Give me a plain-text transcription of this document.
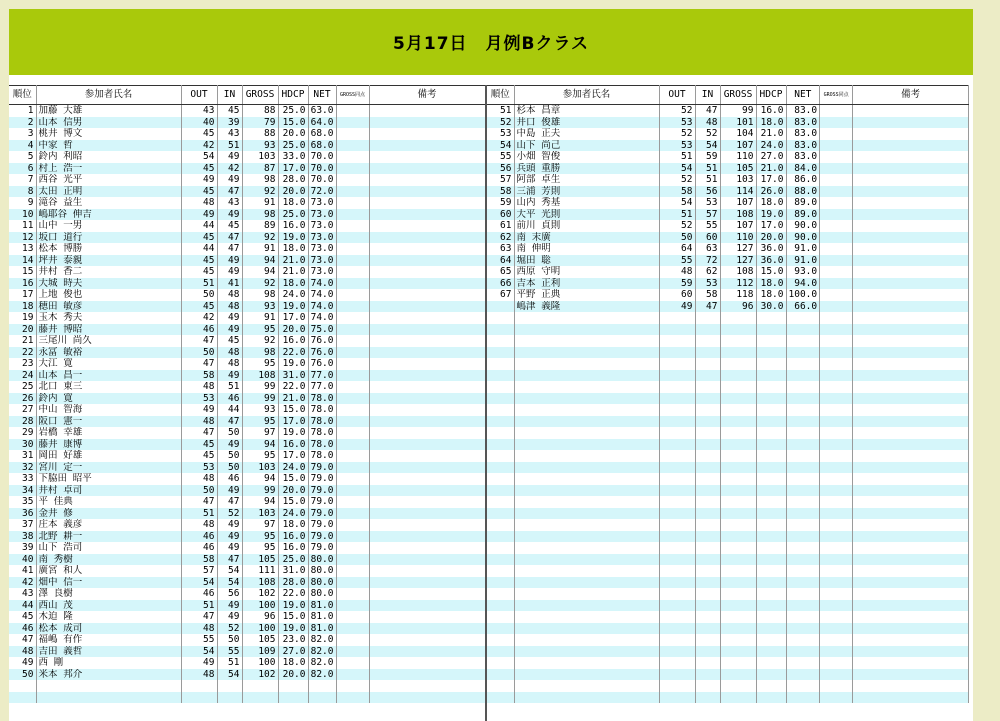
5月17日　月例Bクラス
順位	参加者氏名	OUT	IN	GROSS	HDCP	NET	GROSS同点	備考
1	加藤 大雄	43	45	88	25.0	63.0		
2	山本 信男	40	39	79	15.0	64.0		
3	桃井 博文	45	43	88	20.0	68.0		
4	中家 哲	42	51	93	25.0	68.0		
5	鈴内 利昭	54	49	103	33.0	70.0		
6	村上 浩一	45	42	87	17.0	70.0		
7	西谷 光平	49	49	98	28.0	70.0		
8	太田 正明	45	47	92	20.0	72.0		
9	滝谷 益生	48	43	91	18.0	73.0		
10	嶋耶谷 伸吉	49	49	98	25.0	73.0		
11	山中 一男	44	45	89	16.0	73.0		
12	坂口 道行	45	47	92	19.0	73.0		
13	松本 博勝	44	47	91	18.0	73.0		
14	坪井 泰親	45	49	94	21.0	73.0		
15	井村 香二	45	49	94	21.0	73.0		
16	大城 時夫	51	41	92	18.0	74.0		
17	上地 俊也	50	48	98	24.0	74.0		
18	穂田 敏彦	45	48	93	19.0	74.0		
19	玉木 秀夫	42	49	91	17.0	74.0		
20	藤井 博昭	46	49	95	20.0	75.0		
21	三尾川 尚久	47	45	92	16.0	76.0		
22	永冨 敏裕	50	48	98	22.0	76.0		
23	大江 寛	47	48	95	19.0	76.0		
24	山本 昌一	58	49	108	31.0	77.0		
25	北口 東三	48	51	99	22.0	77.0		
26	鈴内 寛	53	46	99	21.0	78.0		
27	中山 智海	49	44	93	15.0	78.0		
28	阪口 憲一	48	47	95	17.0	78.0		
29	岩橋 幸雄	47	50	97	19.0	78.0		
30	藤井 康博	45	49	94	16.0	78.0		
31	岡田 好雄	45	50	95	17.0	78.0		
32	宮川 定一	53	50	103	24.0	79.0		
33	下脇田 昭平	48	46	94	15.0	79.0		
34	井村 卓司	50	49	99	20.0	79.0		
35	平 佳典	47	47	94	15.0	79.0		
36	金井 修	51	52	103	24.0	79.0		
37	庄本 義彦	48	49	97	18.0	79.0		
38	北野 耕一	46	49	95	16.0	79.0		
39	山下 浩司	46	49	95	16.0	79.0		
40	南 秀樹	58	47	105	25.0	80.0		
41	廣宮 和人	57	54	111	31.0	80.0		
42	畑中 信一	54	54	108	28.0	80.0		
43	澤 良樹	46	56	102	22.0	80.0		
44	西山 茂	51	49	100	19.0	81.0		
45	木迫 隆	47	49	96	15.0	81.0		
46	松本 成司	48	52	100	19.0	81.0		
47	福嶋 有作	55	50	105	23.0	82.0		
48	吉田 義哲	54	55	109	27.0	82.0		
49	西 剛	49	51	100	18.0	82.0		
50	米本 邦介	48	54	102	20.0	82.0		

順位	参加者氏名	OUT	IN	GROSS	HDCP	NET	GROSS同点	備考
51	杉本 昌章	52	47	99	16.0	83.0		
52	井口 俊雄	53	48	101	18.0	83.0		
53	中島 正夫	52	52	104	21.0	83.0		
54	山下 尚己	53	54	107	24.0	83.0		
55	小畑 智俊	51	59	110	27.0	83.0		
56	兵頭 重勝	54	51	105	21.0	84.0		
57	阿部 卓生	52	51	103	17.0	86.0		
58	三浦 芳則	58	56	114	26.0	88.0		
59	山内 秀基	54	53	107	18.0	89.0		
60	大平 光則	51	57	108	19.0	89.0		
61	前川 貞則	52	55	107	17.0	90.0		
62	南 末廣	50	60	110	20.0	90.0		
63	南 伸明	64	63	127	36.0	91.0		
64	堀田 聡	55	72	127	36.0	91.0		
65	西原 守明	48	62	108	15.0	93.0		
66	吉本 正利	59	53	112	18.0	94.0		
67	平野 正典	60	58	118	18.0	100.0		
	嶋津 義隆	49	47	96	30.0	66.0		
